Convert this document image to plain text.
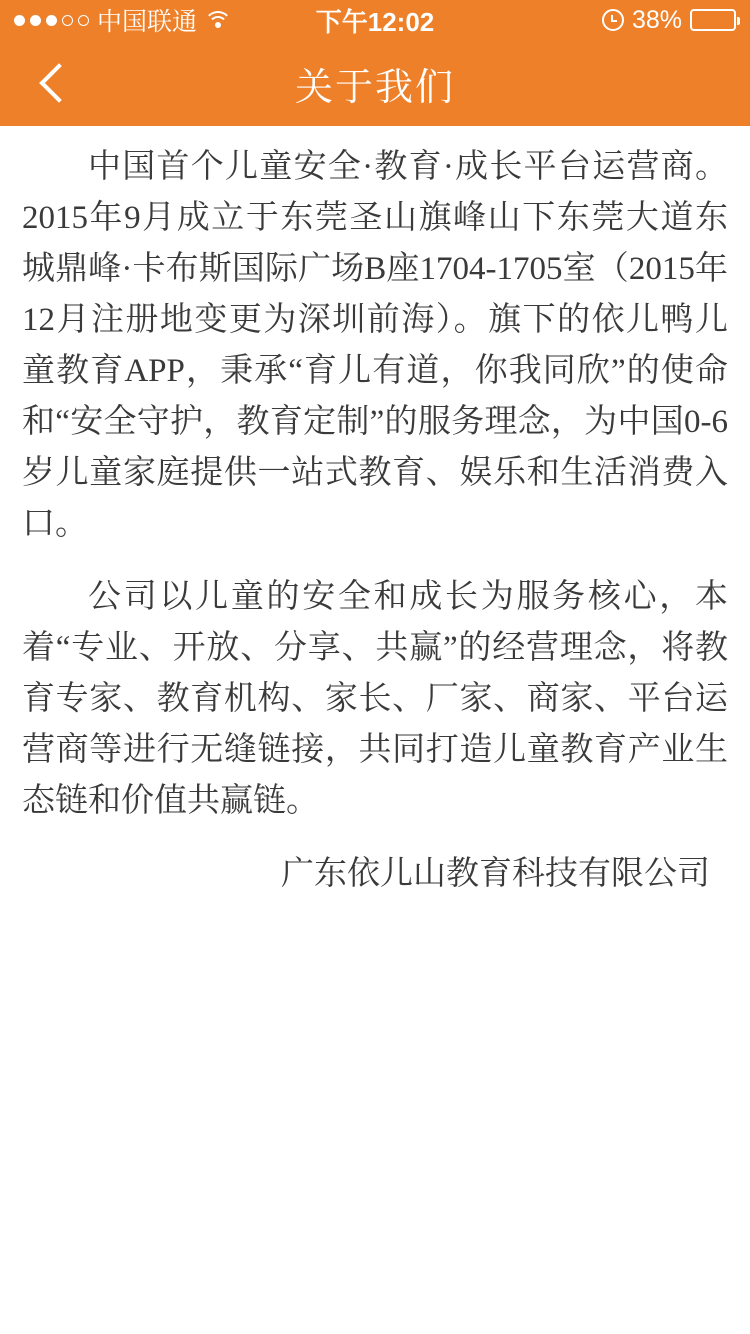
中国联通	下午12:02	38%
关于我们

中国首个儿童安全·教育·成长平台运营商。2015年9月成立于东莞圣山旗峰山下东莞大道东城鼎峰·卡布斯国际广场B座1704-1705室（2015年12月注册地变更为深圳前海）。旗下的依儿鸭儿童教育APP，秉承“育儿有道，你我同欣”的使命和“安全守护，教育定制”的服务理念，为中国0-6岁儿童家庭提供一站式教育、娱乐和生活消费入口。

公司以儿童的安全和成长为服务核心，本着“专业、开放、分享、共赢”的经营理念，将教育专家、教育机构、家长、厂家、商家、平台运营商等进行无缝链接，共同打造儿童教育产业生态链和价值共赢链。

广东依儿山教育科技有限公司
